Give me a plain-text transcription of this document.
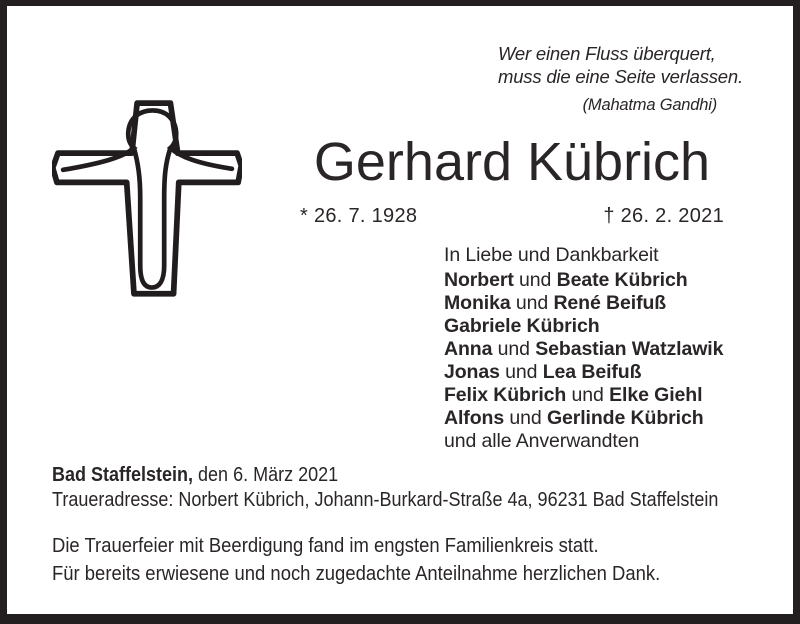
Wer einen Fluss überquert,
muss die eine Seite verlassen.
(Mahatma Gandhi)
Gerhard Kübrich
* 26. 7. 1928	† 26. 2. 2021
In Liebe und Dankbarkeit
Norbert und Beate Kübrich
Monika und René Beifuß
Gabriele Kübrich
Anna und Sebastian Watzlawik
Jonas und Lea Beifuß
Felix Kübrich und Elke Giehl
Alfons und Gerlinde Kübrich
und alle Anverwandten
Bad Staffelstein, den 6. März 2021
Traueradresse: Norbert Kübrich, Johann-Burkard-Straße 4a, 96231 Bad Staffelstein
Die Trauerfeier mit Beerdigung fand im engsten Familienkreis statt.
Für bereits erwiesene und noch zugedachte Anteilnahme herzlichen Dank.
